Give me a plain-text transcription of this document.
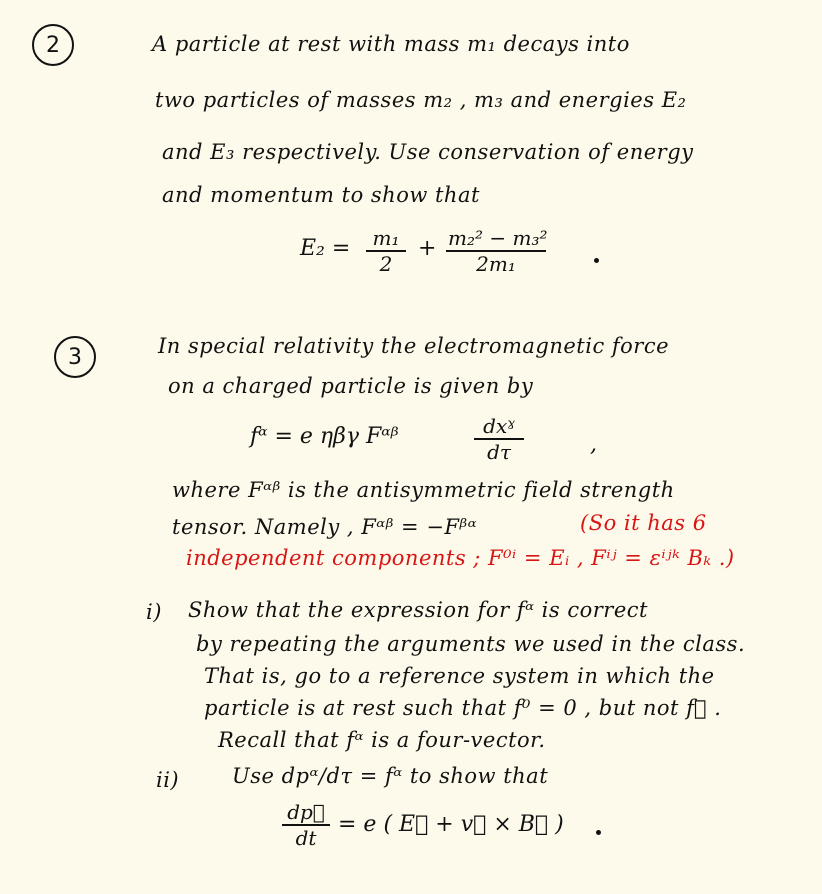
2	A particle at rest with mass m₁ decays into
two particles of masses m₂ , m₃ and energies E₂
and E₃ respectively. Use conservation of energy
and momentum to show that
$E_2 = \frac{\text{m₁}}{2} + \frac{\text{m₂² − m₃²}}{\text{2m₁}}$
3	In special relativity the electromagnetic force
on a charged particle is given by
fᵅ = e ηβγ Fᵅᵝ	dxˠ
dτ	,
where Fᵅᵝ is the antisymmetric field strength
tensor. Namely , Fᵅᵝ = −Fᵝᵅ	(So it has 6
independent components ; F⁰ⁱ = Eᵢ , Fⁱʲ = εⁱʲᵏ Bₖ .)
i) Show that the expression for fᵅ is correct
by repeating the arguments we used in the class.
That is, go to a reference system in which the
particle is at rest such that f⁰ = 0 , but not f⃗ .
Recall that fᵅ is a four-vector.
ii)	Use dpᵅ/dτ = fᵅ to show that
$\frac{dp⃗}{dt} = e$ ( E⃗ + v⃗ × B⃗ )
